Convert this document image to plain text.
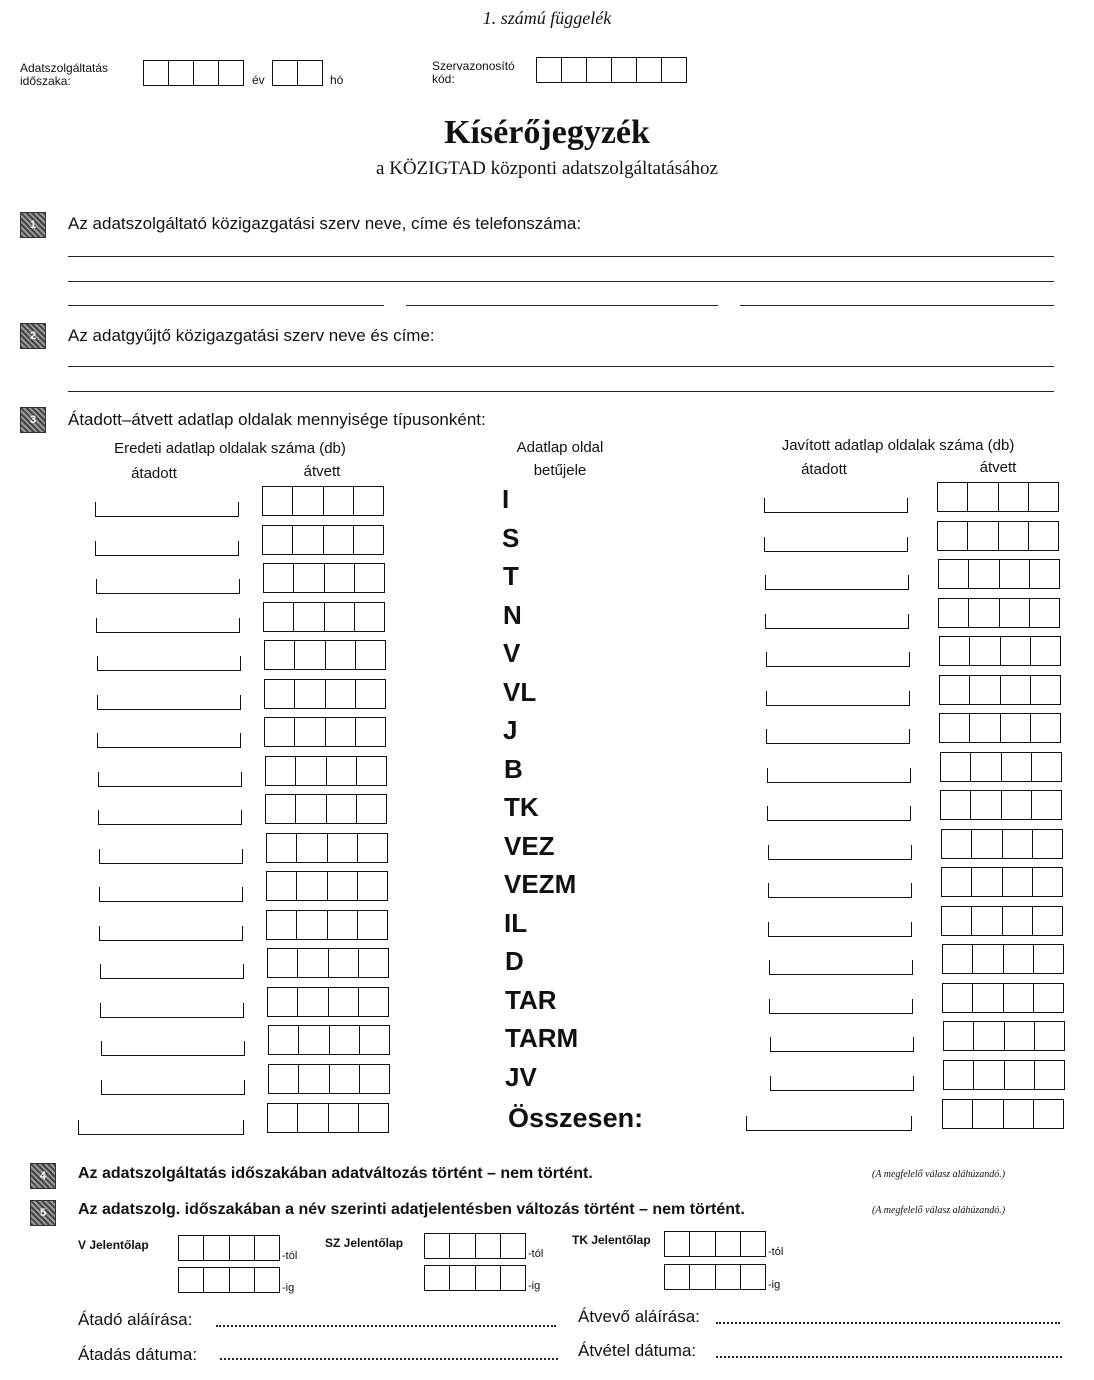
1. számú függelék
Adatszolgáltatás
időszaka:	év	hó
Szervazonosító
kód:
Kísérőjegyzék
a KÖZIGTAD központi adatszolgáltatásához
1	Az adatszolgáltató közigazgatási szerv neve, címe és telefonszáma:
2	Az adatgyűjtő közigazgatási szerv neve és címe:
3	Átadott–átvett adatlap oldalak mennyisége típusonként:
Eredeti adatlap oldalak száma (db)
átadott	átvett
Adatlap oldal
betűjele
Javított adatlap oldalak száma (db)
átadott	átvett
I
S
T
N
V
VL
J
B
TK
VEZ
VEZM
IL
D
TAR
TARM
JV
Összesen:
4	Az adatszolgáltatás időszakában adatváltozás történt – nem történt.	(A megfelelő válasz aláhúzandó.)
5	Az adatszolg. időszakában a név szerinti adatjelentésben változás történt – nem történt.	(A megfelelő válasz aláhúzandó.)
V Jelentőlap
-tól
-ig
SZ Jelentőlap
-tól
-ig
TK Jelentőlap
-tól
-ig
Átadó aláírása:	Átvevő aláírása:
Átadás dátuma:	Átvétel dátuma:
